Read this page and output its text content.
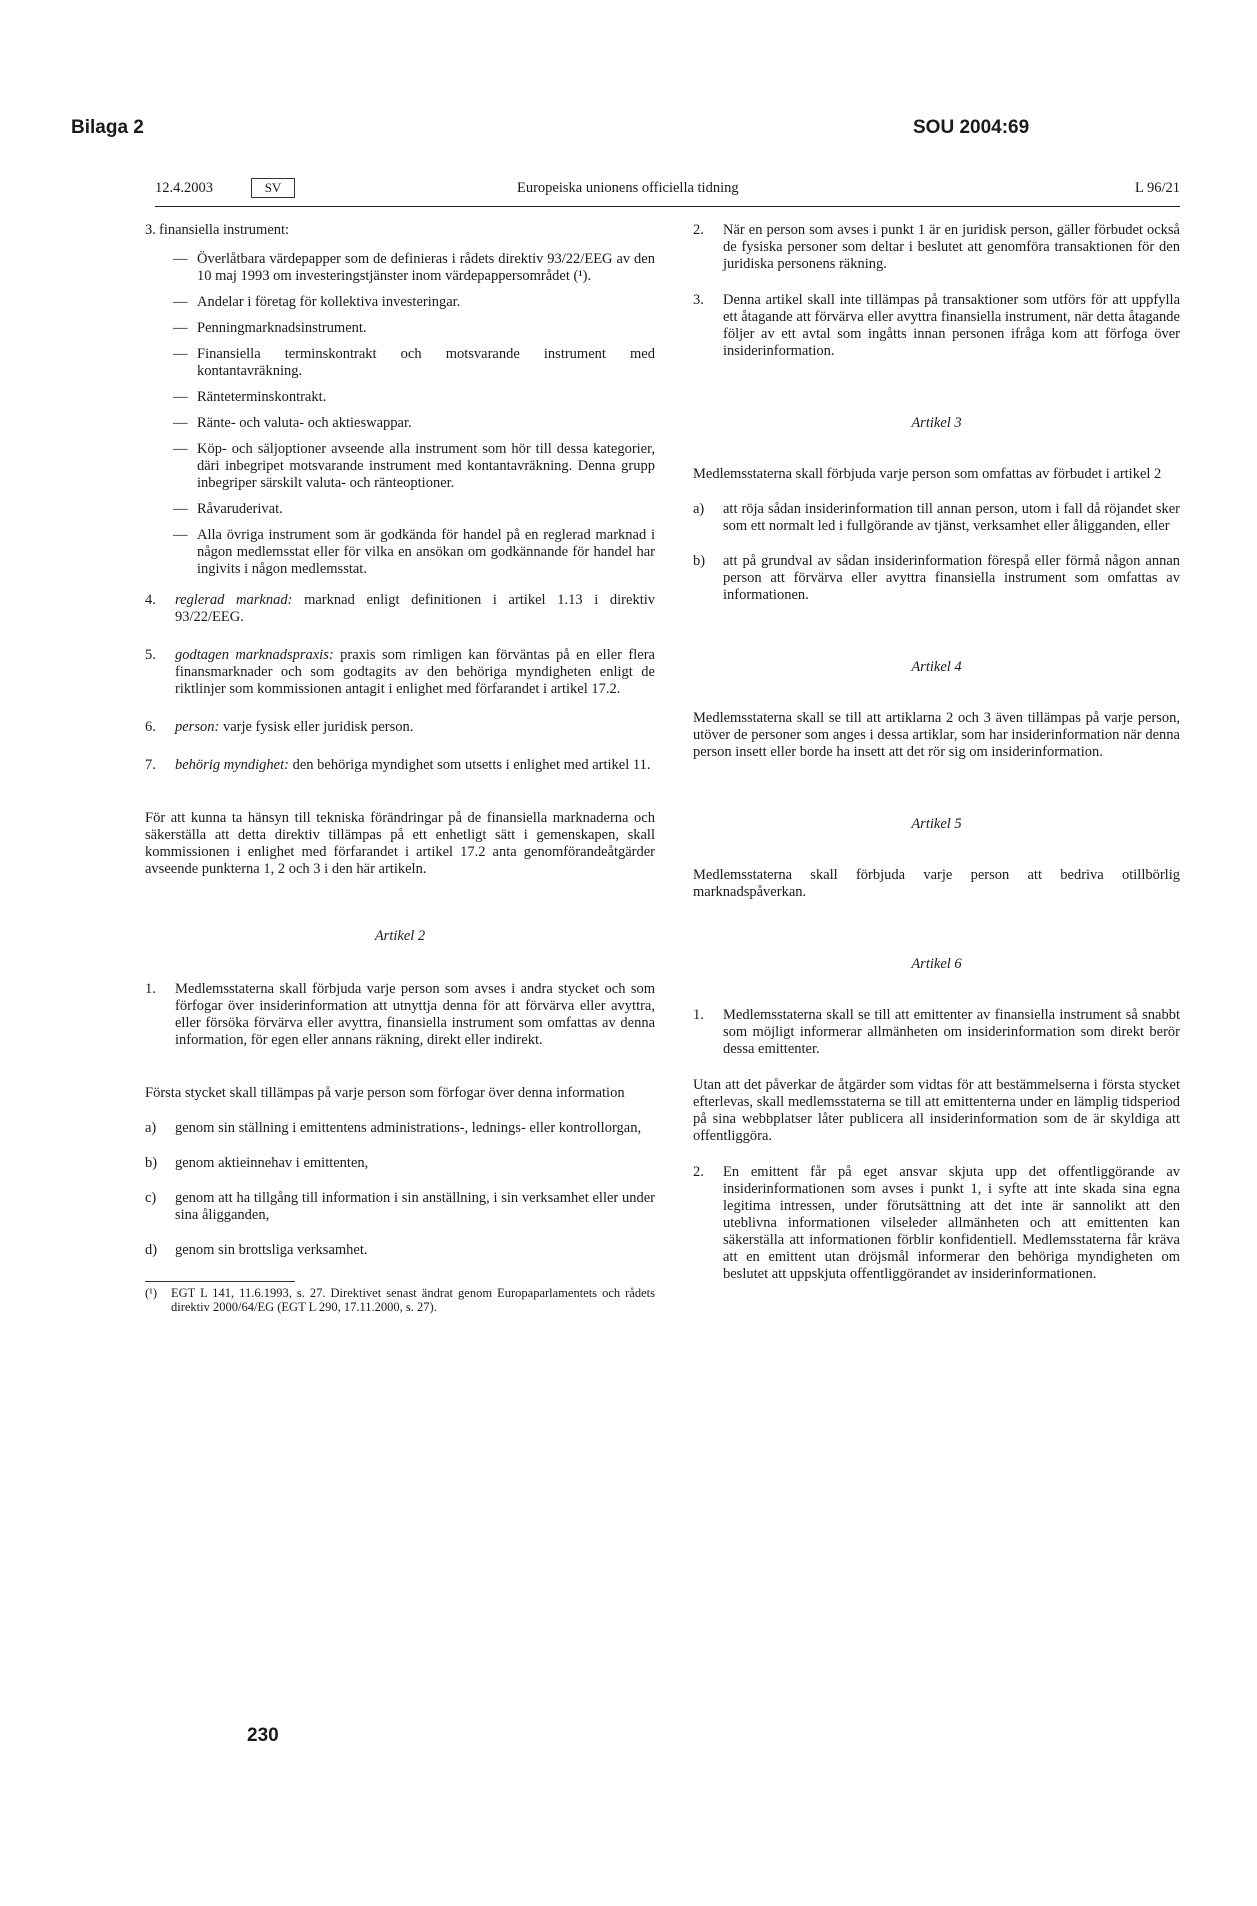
Bilaga 2	SOU 2004:69
12.4.2003	SV	Europeiska unionens officiella tidning	L 96/21

3. finansiella instrument:

— Överlåtbara värdepapper som de definieras i rådets direktiv 93/22/EEG av den 10 maj 1993 om investeringstjänster inom värdepappersområdet (¹).

— Andelar i företag för kollektiva investeringar.

— Penningmarknadsinstrument.

— Finansiella terminskontrakt och motsvarande instrument med kontantavräkning.

— Ränteterminskontrakt.

— Ränte- och valuta- och aktieswappar.

— Köp- och säljoptioner avseende alla instrument som hör till dessa kategorier, däri inbegripet motsvarande instrument med kontantavräkning. Denna grupp inbegriper särskilt valuta- och ränteoptioner.

— Råvaruderivat.

— Alla övriga instrument som är godkända för handel på en reglerad marknad i någon medlemsstat eller för vilka en ansökan om godkännande för handel har ingivits i någon medlemsstat.

4. reglerad marknad: marknad enligt definitionen i artikel 1.13 i direktiv 93/22/EEG.

5. godtagen marknadspraxis: praxis som rimligen kan förväntas på en eller flera finansmarknader och som godtagits av den behöriga myndigheten enligt de riktlinjer som kommissionen antagit i enlighet med förfarandet i artikel 17.2.

6. person: varje fysisk eller juridisk person.

7. behörig myndighet: den behöriga myndighet som utsetts i enlighet med artikel 11.

För att kunna ta hänsyn till tekniska förändringar på de finansiella marknaderna och säkerställa att detta direktiv tillämpas på ett enhetligt sätt i gemenskapen, skall kommissionen i enlighet med förfarandet i artikel 17.2 anta genomförandeåtgärder avseende punkterna 1, 2 och 3 i den här artikeln.

Artikel 2

1. Medlemsstaterna skall förbjuda varje person som avses i andra stycket och som förfogar över insiderinformation att utnyttja denna för att förvärva eller avyttra, eller försöka förvärva eller avyttra, finansiella instrument som omfattas av denna information, för egen eller annans räkning, direkt eller indirekt.

Första stycket skall tillämpas på varje person som förfogar över denna information

a) genom sin ställning i emittentens administrations-, lednings- eller kontrollorgan,

b) genom aktieinnehav i emittenten,

c) genom att ha tillgång till information i sin anställning, i sin verksamhet eller under sina åligganden,

d) genom sin brottsliga verksamhet.

(¹) EGT L 141, 11.6.1993, s. 27. Direktivet senast ändrat genom Europaparlamentets och rådets direktiv 2000/64/EG (EGT L 290, 17.11.2000, s. 27).

2. När en person som avses i punkt 1 är en juridisk person, gäller förbudet också de fysiska personer som deltar i beslutet att genomföra transaktionen för den juridiska personens räkning.

3. Denna artikel skall inte tillämpas på transaktioner som utförs för att uppfylla ett åtagande att förvärva eller avyttra finansiella instrument, när detta åtagande följer av ett avtal som ingåtts innan personen ifråga kom att förfoga över insiderinformation.

Artikel 3

Medlemsstaterna skall förbjuda varje person som omfattas av förbudet i artikel 2

a) att röja sådan insiderinformation till annan person, utom i fall då röjandet sker som ett normalt led i fullgörande av tjänst, verksamhet eller åligganden, eller

b) att på grundval av sådan insiderinformation förespå eller förmå någon annan person att förvärva eller avyttra finansiella instrument som omfattas av informationen.

Artikel 4

Medlemsstaterna skall se till att artiklarna 2 och 3 även tillämpas på varje person, utöver de personer som anges i dessa artiklar, som har insiderinformation när denna person insett eller borde ha insett att det rör sig om insiderinformation.

Artikel 5

Medlemsstaterna skall förbjuda varje person att bedriva otillbörlig marknadspåverkan.

Artikel 6

1. Medlemsstaterna skall se till att emittenter av finansiella instrument så snabbt som möjligt informerar allmänheten om insiderinformation som direkt berör dessa emittenter.

Utan att det påverkar de åtgärder som vidtas för att bestämmelserna i första stycket efterlevas, skall medlemsstaterna se till att emittenterna under en lämplig tidsperiod på sina webbplatser låter publicera all insiderinformation som de är skyldiga att offentliggöra.

2. En emittent får på eget ansvar skjuta upp det offentliggörande av insiderinformationen som avses i punkt 1, i syfte att inte skada sina egna legitima intressen, under förutsättning att det inte är sannolikt att den uteblivna informationen vilseleder allmänheten och att emittenten kan säkerställa att informationen förblir konfidentiell. Medlemsstaterna får kräva att en emittent utan dröjsmål informerar den behöriga myndigheten om beslutet att uppskjuta offentliggörandet av insiderinformationen.

230
